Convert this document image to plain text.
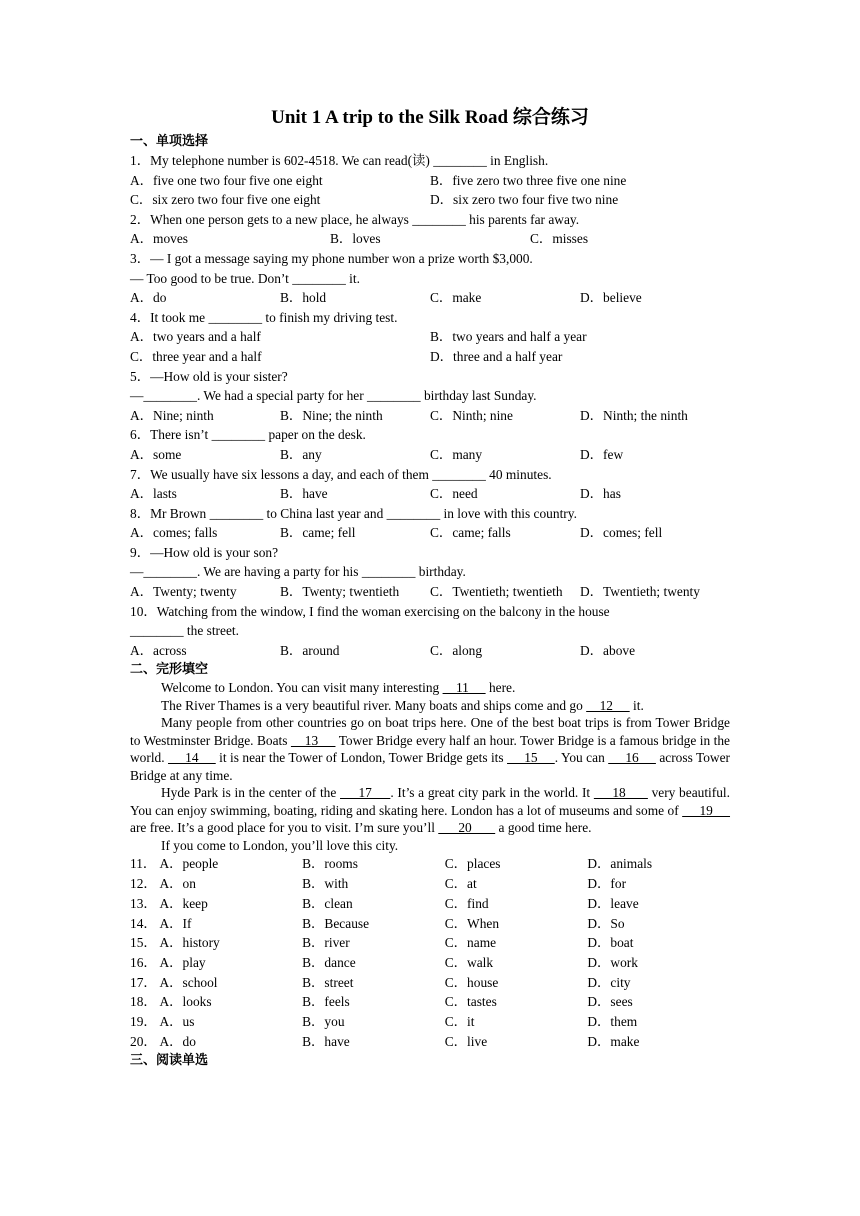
Unit 1 A trip to the Silk Road 综合练习
一、单项选择
1．My telephone number is 602-4518. We can read(读) ________ in English.
A．five one two four five one eight	B．five zero two three five one nine
C．six zero two four five one eight	D．six zero two four five two nine
2．When one person gets to a new place, he always ________ his parents far away.
A．moves	B．loves	C．misses
3．— I got a message saying my phone number won a prize worth $3,000.
— Too good to be true. Don’t ________ it.
A．do	B．hold	C．make	D．believe
4．It took me ________ to finish my driving test.
A．two years and a half	B．two years and half a year
C．three year and a half	D．three and a half year
5．—How old is your sister?
—________. We had a special party for her ________ birthday last Sunday.
A．Nine; ninth	B．Nine; the ninth	C．Ninth; nine	D．Ninth; the ninth
6．There isn’t ________ paper on the desk.
A．some	B．any	C．many	D．few
7．We usually have six lessons a day, and each of them ________ 40 minutes.
A．lasts	B．have	C．need	D．has
8．Mr Brown ________ to China last year and ________ in love with this country.
A．comes; falls	B．came; fell	C．came; falls	D．comes; fell
9．—How old is your son?
—________. We are having a party for his ________ birthday.
A．Twenty; twenty	B．Twenty; twentieth	C．Twentieth; twentieth	D．Twentieth; twenty
10．Watching from the window, I find the woman exercising on the balcony in the house
________ the street.
A．across	B．around	C．along	D．above
二、完形填空

Welcome to London. You can visit many interesting     11      here.

The River Thames is a very beautiful river. Many boats and ships come and go     12      it.

Many people from other countries go on boat trips here. One of the best boat trips is from Tower Bridge to Westminster Bridge. Boats     13      Tower Bridge every half an hour. Tower Bridge is a famous bridge in the world.      14      it is near the Tower of London, Tower Bridge gets its      15     . You can      16      across Tower Bridge at any time.

Hyde Park is in the center of the      17     . It’s a great city park in the world. It      18       very beautiful. You can enjoy swimming, boating, riding and skating here. London has a lot of museums and some of      19      are free. It’s a good place for you to visit. I’m sure you’ll       20        a good time here.

If you come to London, you’ll love this city.

11． A．people	B．rooms	C．places	D．animals
12． A．on	B．with	C．at	D．for
13． A．keep	B．clean	C．find	D．leave
14． A．If	B．Because	C．When	D．So
15． A．history	B．river	C．name	D．boat
16． A．play	B．dance	C．walk	D．work
17． A．school	B．street	C．house	D．city
18． A．looks	B．feels	C．tastes	D．sees
19． A．us	B．you	C．it	D．them
20． A．do	B．have	C．live	D．make
三、阅读单选
